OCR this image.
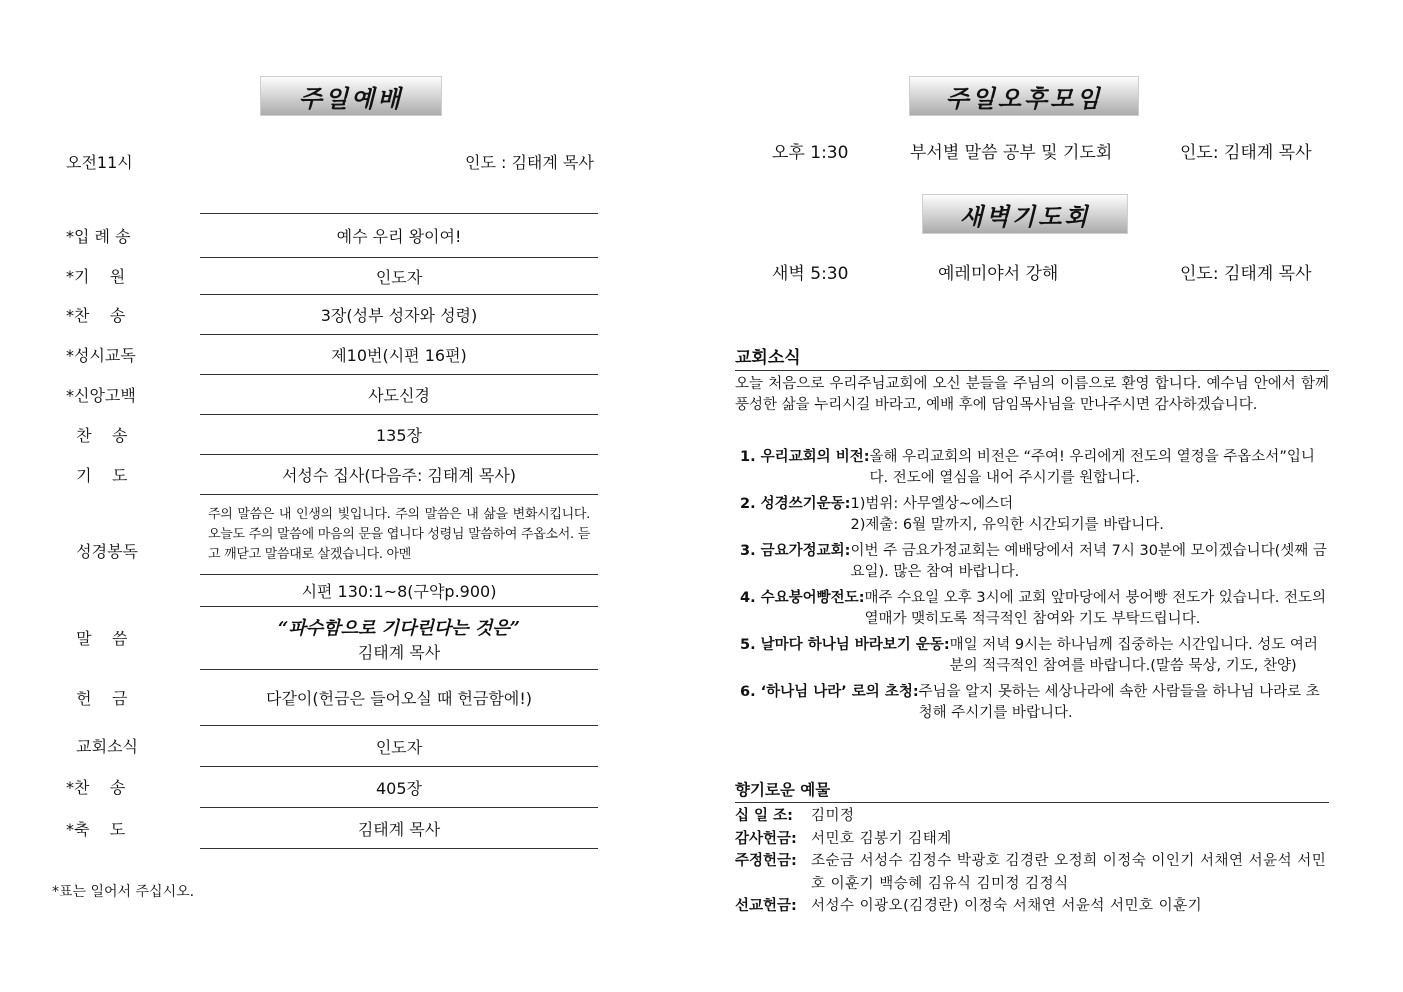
주일예배
오전11시	인도 : 김태계 목사
*입 례 송	예수 우리 왕이여!
*기    원	인도자
*찬    송	3장(성부 성자와 성령)
*성시교독	제10번(시편 16편)
*신앙고백	사도신경
찬    송	135장
기    도	서성수 집사(다음주: 김태계 목사)
성경봉독
주의 말씀은 내 인생의 빛입니다. 주의 말씀은 내 삶을 변화시킵니다. 오늘도 주의 말씀에 마음의 문을 엽니다 성령님 말씀하여 주옵소서. 듣고 깨닫고 말씀대로 살겠습니다. 아멘
시편 130:1~8(구약p.900)
말    씀	“파수함으로 기다린다는 것은”
김태계 목사
헌    금	다같이(헌금은 들어오실 때 헌금함에!)
교회소식	인도자
*찬    송	405장
*축    도	김태계 목사
*표는 일어서 주십시오.
주일오후모임
오후 1:30	부서별 말씀 공부 및 기도회	인도: 김태계 목사
새벽기도회
새벽 5:30	예레미야서 강해	인도: 김태계 목사
교회소식
오늘 처음으로 우리주님교회에 오신 분들을 주님의 이름으로 환영 합니다. 예수님 안에서 함께 풍성한 삶을 누리시길 바라고, 예배 후에 담임목사님을 만나주시면 감사하겠습니다.
1. 우리교회의 비전: 올해 우리교회의 비전은 “주여! 우리에게 전도의 열정을 주옵소서”입니다. 전도에 열심을 내어 주시기를 원합니다.
2. 성경쓰기운동: 1)범위: 사무엘상~에스더
2)제출: 6월 말까지, 유익한 시간되기를 바랍니다.
3. 금요가정교회: 이번 주 금요가정교회는 예배당에서 저녁 7시 30분에 모이겠습니다(셋째 금요일). 많은 참여 바랍니다.
4. 수요붕어빵전도: 매주 수요일 오후 3시에 교회 앞마당에서 붕어빵 전도가 있습니다. 전도의 열매가 맺히도록 적극적인 참여와 기도 부탁드립니다.
5. 날마다 하나님 바라보기 운동: 매일 저녁 9시는 하나님께 집중하는 시간입니다. 성도 여러분의 적극적인 참여를 바랍니다.(말씀 묵상, 기도, 찬양)
6. ‘하나님 나라’ 로의 초청: 주님을 알지 못하는 세상나라에 속한 사람들을 하나님 나라로 초청해 주시기를 바랍니다.
향기로운 예물
십 일 조:	김미정
감사헌금: 서민호 김봉기 김태계
주정헌금: 조순금 서성수 김정수 박광호 김경란 오정희 이정숙 이인기 서채연 서윤석 서민호 이훈기 백승혜 김유식 김미정 김정식
선교헌금: 서성수 이광오(김경란) 이정숙 서채연 서윤석 서민호 이훈기
